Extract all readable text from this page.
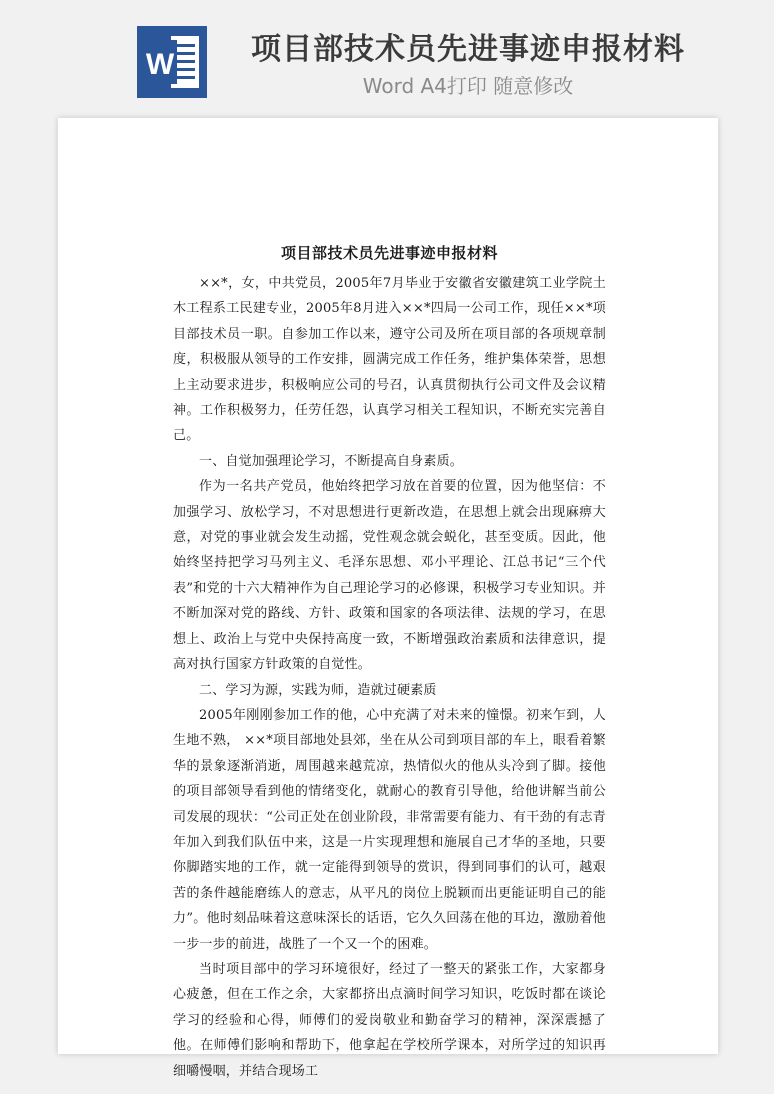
W	项目部技术员先进事迹申报材料
Word A4打印 随意修改
项目部技术员先进事迹申报材料

××*，女，中共党员，2005年7月毕业于安徽省安徽建筑工业学院土木工程系工民建专业，2005年8月进入××*四局一公司工作，现任××*项目部技术员一职。自参加工作以来，遵守公司及所在项目部的各项规章制度，积极服从领导的工作安排，圆满完成工作任务，维护集体荣誉，思想上主动要求进步，积极响应公司的号召，认真贯彻执行公司文件及会议精神。工作积极努力，任劳任怨，认真学习相关工程知识，不断充实完善自己。

一、自觉加强理论学习，不断提高自身素质。

作为一名共产党员，他始终把学习放在首要的位置，因为他坚信：不加强学习、放松学习，不对思想进行更新改造，在思想上就会出现麻痹大意，对党的事业就会发生动摇，党性观念就会蜕化，甚至变质。因此，他始终坚持把学习马列主义、毛泽东思想、邓小平理论、江总书记“三个代表”和党的十六大精神作为自己理论学习的必修课，积极学习专业知识。并不断加深对党的路线、方针、政策和国家的各项法律、法规的学习，在思想上、政治上与党中央保持高度一致，不断增强政治素质和法律意识，提高对执行国家方针政策的自觉性。

二、学习为源，实践为师，造就过硬素质

2005年刚刚参加工作的他，心中充满了对未来的憧憬。初来乍到，人生地不熟， ××*项目部地处县郊，坐在从公司到项目部的车上，眼看着繁华的景象逐渐消逝，周围越来越荒凉，热情似火的他从头冷到了脚。接他的项目部领导看到他的情绪变化，就耐心的教育引导他，给他讲解当前公司发展的现状：“公司正处在创业阶段，非常需要有能力、有干劲的有志青年加入到我们队伍中来，这是一片实现理想和施展自己才华的圣地，只要你脚踏实地的工作，就一定能得到领导的赏识，得到同事们的认可，越艰苦的条件越能磨练人的意志，从平凡的岗位上脱颖而出更能证明自己的能力”。他时刻品味着这意味深长的话语，它久久回荡在他的耳边，激励着他一步一步的前进，战胜了一个又一个的困难。

当时项目部中的学习环境很好，经过了一整天的紧张工作，大家都身心疲惫，但在工作之余，大家都挤出点滴时间学习知识，吃饭时都在谈论学习的经验和心得，师傅们的爱岗敬业和勤奋学习的精神，深深震撼了他。在师傅们影响和帮助下，他拿起在学校所学课本，对所学过的知识再细嚼慢咽，并结合现场工
